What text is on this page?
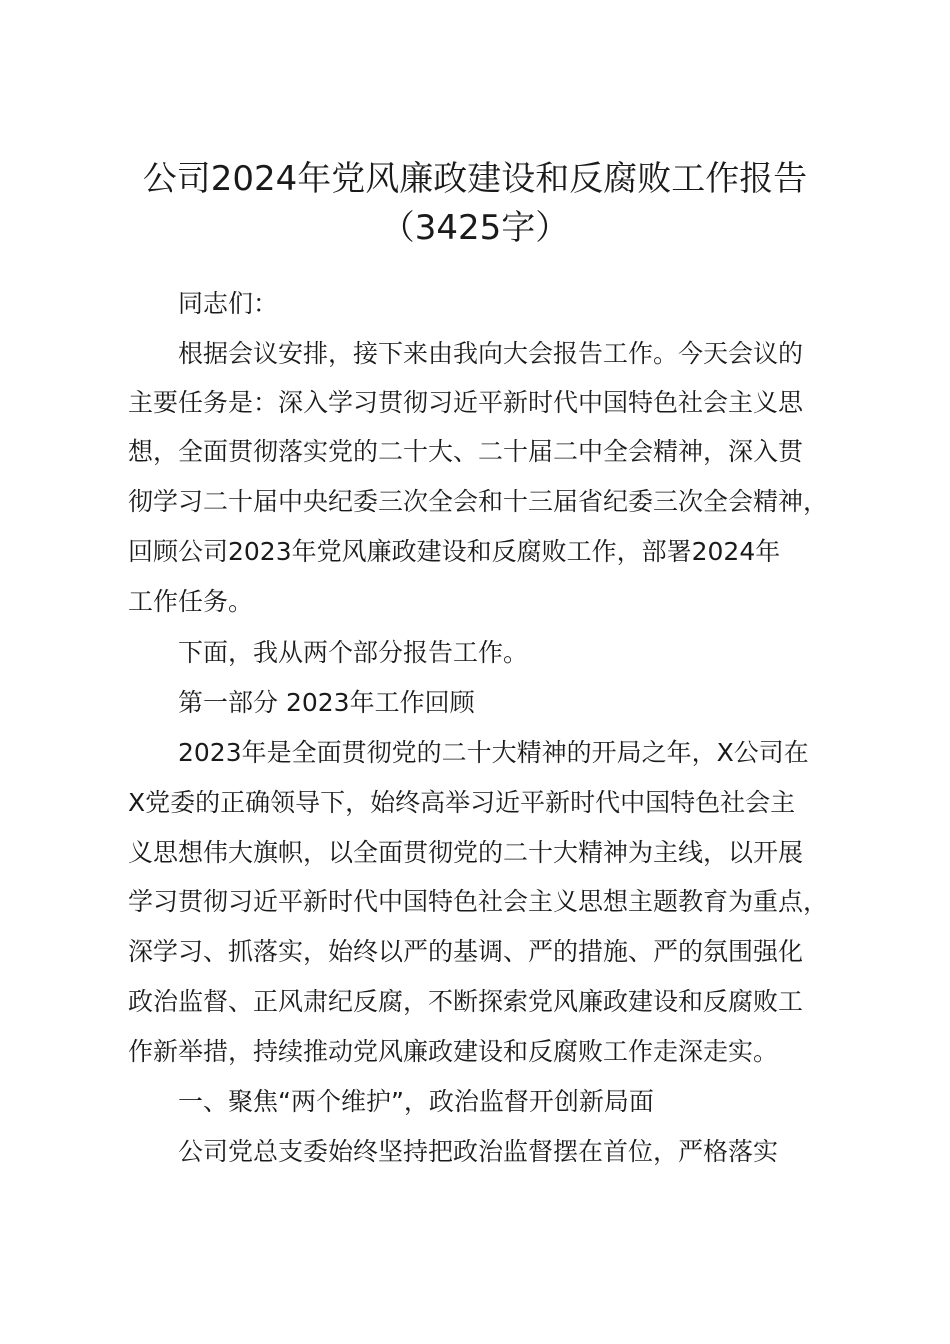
公司2024年党风廉政建设和反腐败工作报告
（3425字）
同志们：
根据会议安排，接下来由我向大会报告工作。今天会议的
主要任务是：深入学习贯彻习近平新时代中国特色社会主义思
想，全面贯彻落实党的二十大、二十届二中全会精神，深入贯
彻学习二十届中央纪委三次全会和十三届省纪委三次全会精神，
回顾公司2023年党风廉政建设和反腐败工作，部署2024年
工作任务。
下面，我从两个部分报告工作。
第一部分 2023年工作回顾
2023年是全面贯彻党的二十大精神的开局之年，X公司在
X党委的正确领导下，始终高举习近平新时代中国特色社会主
义思想伟大旗帜，以全面贯彻党的二十大精神为主线，以开展
学习贯彻习近平新时代中国特色社会主义思想主题教育为重点，
深学习、抓落实，始终以严的基调、严的措施、严的氛围强化
政治监督、正风肃纪反腐，不断探索党风廉政建设和反腐败工
作新举措，持续推动党风廉政建设和反腐败工作走深走实。
一、聚焦“两个维护”，政治监督开创新局面
公司党总支委始终坚持把政治监督摆在首位，严格落实
